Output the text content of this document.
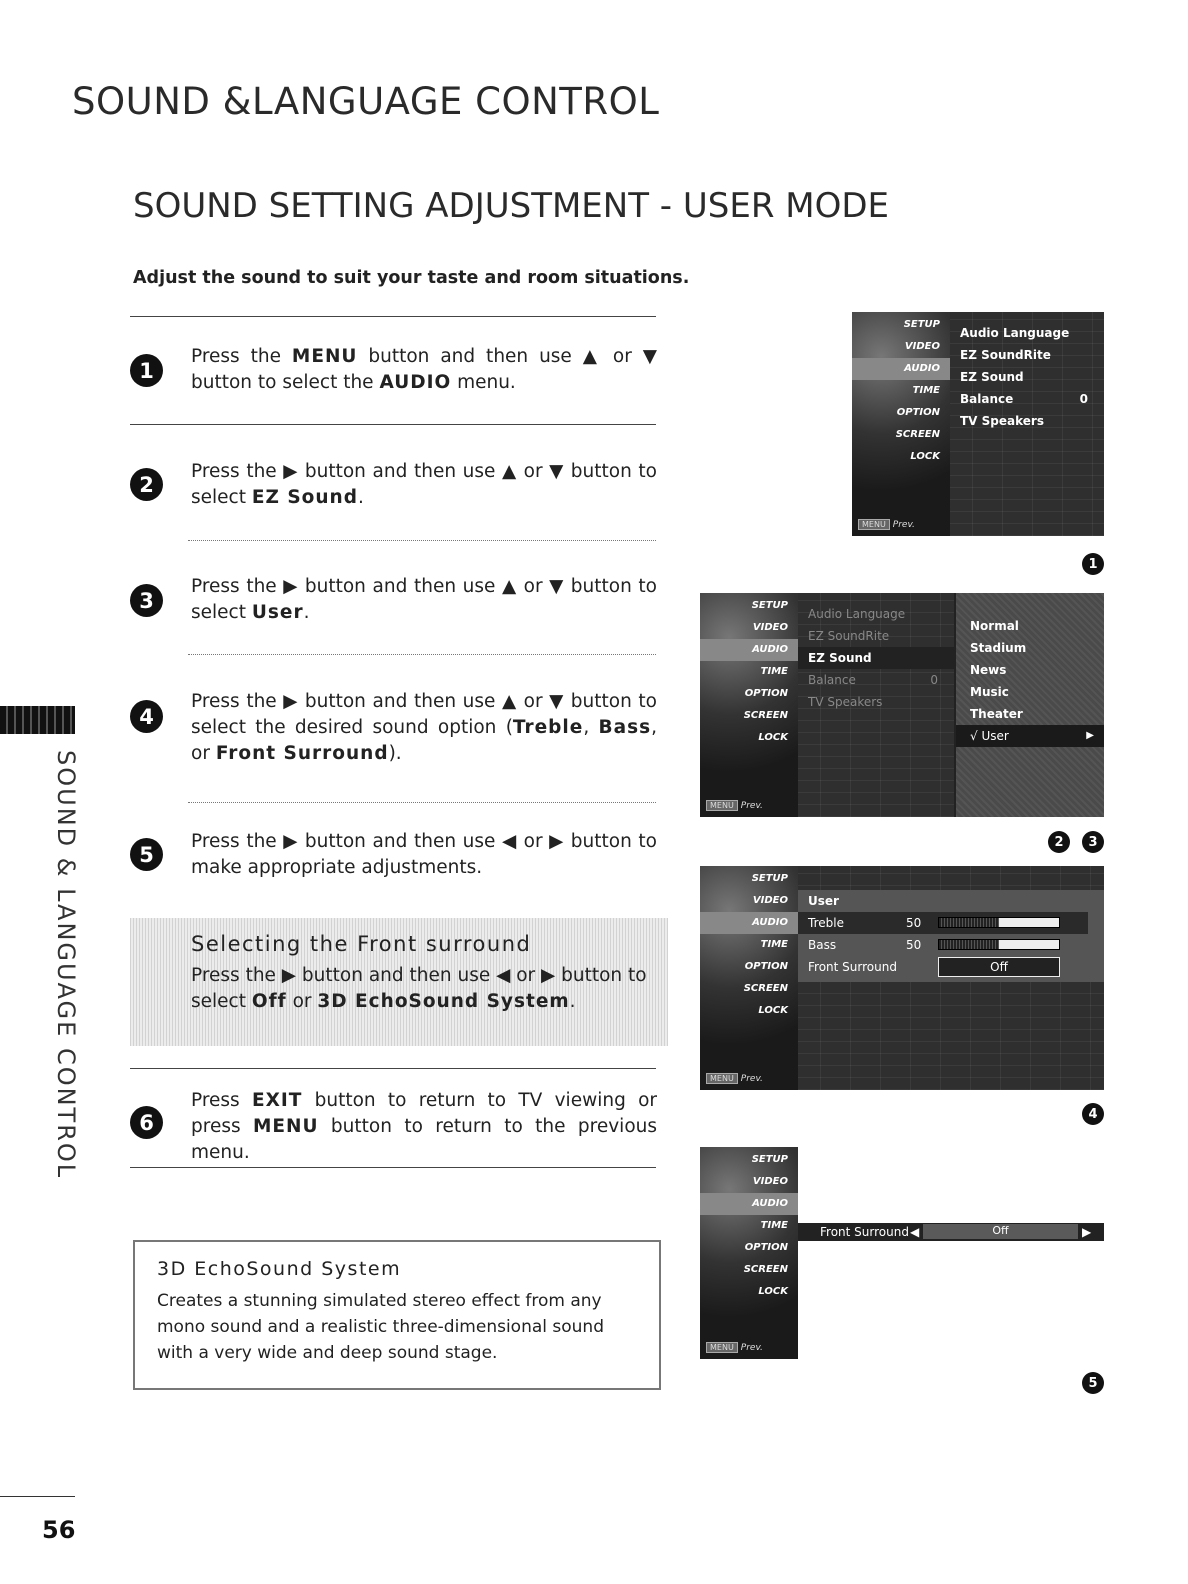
SOUND &LANGUAGE CONTROL
SOUND SETTING ADJUSTMENT - USER MODE
Adjust the sound to suit your taste and room situations.
1
Press the MENU button and then use ▲ or ▼ button to select the AUDIO menu.
2
Press the ▶ button and then use ▲ or ▼ button to select EZ Sound.
3
Press the ▶ button and then use ▲ or ▼ button to select User.
4
Press the ▶ button and then use ▲ or ▼ button to select the desired sound option (Treble, Bass, or Front Surround).
5
Press the ▶ button and then use ◀ or ▶ button to make appropriate adjustments.
Selecting the Front surround
Press the ▶ button and then use ◀ or ▶ button to select Off or 3D EchoSound System.
6
Press EXIT button to return to TV viewing or press MENU button to return to the previous menu.
3D EchoSound System
Creates a stunning simulated stereo effect from any mono sound and a realistic three-dimensional sound with a very wide and deep sound stage.
SOUND & LANGUAGE CONTROL
56
SETUP
VIDEO
AUDIO
TIME
OPTION
SCREEN
LOCK
MENU Prev.
Audio Language
EZ SoundRite
EZ Sound
Balance	0
TV Speakers
1
SETUP
VIDEO
AUDIO
TIME
OPTION
SCREEN
LOCK
MENU Prev.
Audio Language
EZ SoundRite
EZ Sound
Balance	0
TV Speakers
Normal
Stadium
News
Music
Theater
√ User ▶
2	3
SETUP
VIDEO
AUDIO
TIME
OPTION
SCREEN
LOCK
MENU Prev.
User
Treble	50
Bass	50
Front Surround	Off
4
SETUP
VIDEO
AUDIO
TIME
OPTION
SCREEN
LOCK
MENU Prev.
Front Surround ◀	Off	▶
5
